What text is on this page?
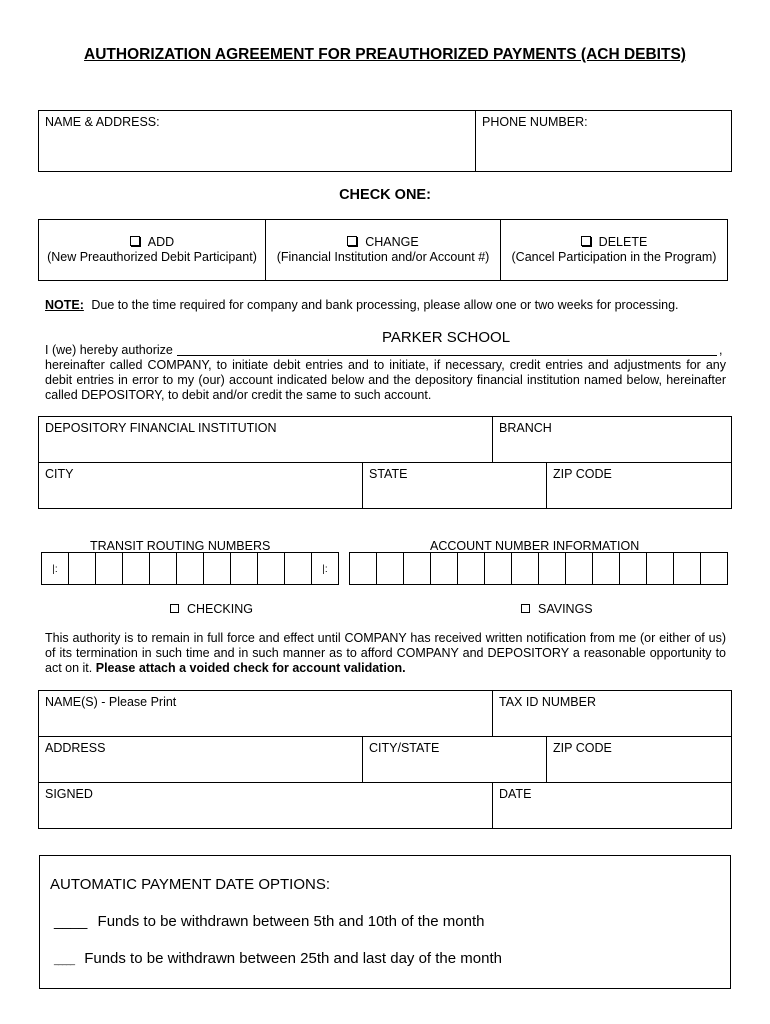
AUTHORIZATION AGREEMENT FOR PREAUTHORIZED PAYMENTS (ACH DEBITS)
NAME & ADDRESS:	PHONE NUMBER:
CHECK ONE:
ADD
(New Preauthorized Debit Participant)
CHANGE
(Financial Institution and/or Account #)
DELETE
(Cancel Participation in the Program)
NOTE: Due to the time required for company and bank processing, please allow one or two weeks for processing.
PARKER SCHOOL
I (we) hereby authorize	,
hereinafter called COMPANY, to initiate debit entries and to initiate, if necessary, credit entries and adjustments for any debit entries in error to my (our) account indicated below and the depository financial institution named below, hereinafter called DEPOSITORY, to debit and/or credit the same to such account.
DEPOSITORY FINANCIAL INSTITUTION	BRANCH
CITY	STATE	ZIP CODE
TRANSIT ROUTING NUMBERS	ACCOUNT NUMBER INFORMATION
|:	|:
CHECKING	SAVINGS
This authority is to remain in full force and effect until COMPANY has received written notification from me (or either of us) of its termination in such time and in such manner as to afford COMPANY and DEPOSITORY a reasonable opportunity to act on it. Please attach a voided check for account validation.
NAME(S) - Please Print	TAX ID NUMBER
ADDRESS	CITY/STATE	ZIP CODE
SIGNED	DATE
AUTOMATIC PAYMENT DATE OPTIONS:
____ Funds to be withdrawn between 5th and 10th of the month
_____ Funds to be withdrawn between 25th and last day of the month
